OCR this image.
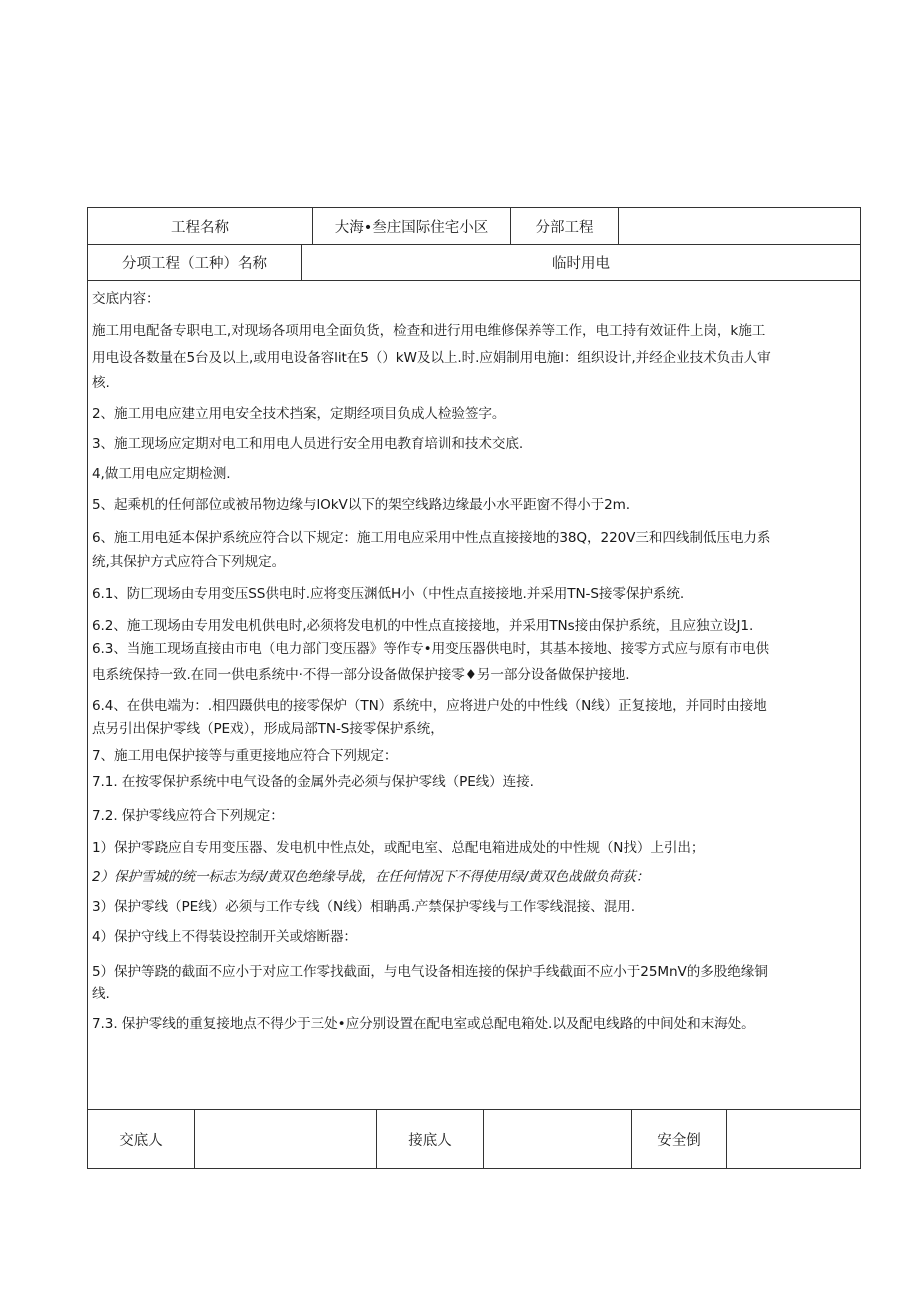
工程名称	大海•叁庄国际住宅小区	分部工程
分项工程（工种）名称	临时用电
交底内容：
施工用电配备专职电工,对现场各项用电全面负货，检查和进行用电维修保养等工作，电工持有效证件上岗，k施工
用电设各数量在5台及以上,或用电设备容lit在5（）kW及以上.时.应娟制用电施l：组织设计,并经企业技术负击人审
核.
2、施工用电应建立用电安全技术挡案，定期经项目负成人检验签字。
3、施工现场应定期对电工和用电人员进行安全用电教育培训和技术交底.
4,做工用电应定期检测.
5、起乘机的任何部位或被吊物边缘与lOkV以下的架空线路边缘最小水平距窗不得小于2m.
6、施工用电延本保护系统应符合以下规定：施工用电应采用中性点直接接地的38Q，220V三和四线制低压电力系
统,其保护方式应符合下列规定。
6.1、防匚现场由专用变压SS供电时.应将变压渊低H小（中性点直接接地.并采用TN-S接零保护系统.
6.2、施工现场由专用发电机供电时,必须将发电机的中性点直接接地，并采用TNs接由保护系统，且应独立设J1.
6.3、当施工现场直接由市电（电力部门变压器》等作专•用变压器供电时，其基本接地、接零方式应与原有市电供
电系统保持一致.在同一供电系统中·不得一部分设备做保护接零♦另一部分设备做保护接地.
6.4、在供电端为：.相四蹑供电的接零保炉（TN）系统中，应将进户处的中性线（N线）正复接地，并同时由接地
点另引出保护零线（PE戏），形成局部TN-S接零保护系统，
7、施工用电保护接等与重更接地应符合下列规定：
7.1. 在按零保护系统中电气设备的金属外壳必须与保护零线（PE线）连接.
7.2. 保护零线应符合下列规定：
1）保护零跷应自专用变压器、发电机中性点处，或配电室、总配电箱进成处的中性规（N找）上引出；
2）保护雪城的统一标志为绿/黄双色绝缘导战，在任何情况下不得使用绿/黄双色战做负荷荻：
3）保护零线（PE线）必须与工作专线（N线）相聃禹.产禁保护零线与工作零线混接、混用.
4）保护守线上不得装设控制开关或熔断器：
5）保护等跷的截面不应小于对应工作零找截面，与电气设备相连接的保护手线截面不应小于25MnV的多股绝缘铜
线.
7.3. 保护零线的重复接地点不得少于三处•应分别设置在配电室或总配电箱处.以及配电线路的中间处和末海处。
交底人	接底人	安全倒
